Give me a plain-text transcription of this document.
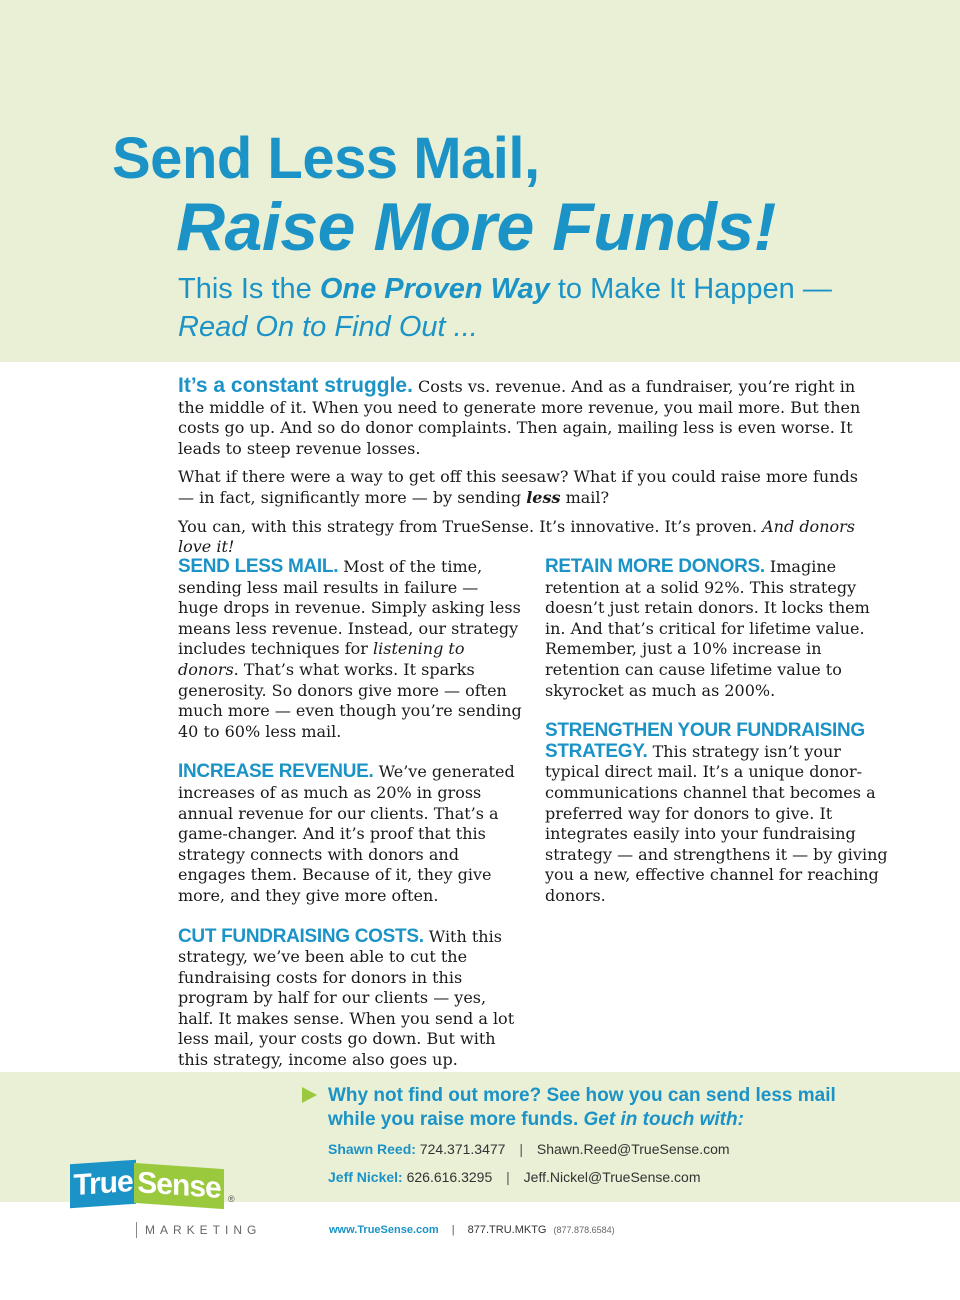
Send Less Mail,
Raise More Funds!
This Is the One Proven Way to Make It Happen —
Read On to Find Out ...

It’s a constant struggle. Costs vs. revenue. And as a fundraiser, you’re right in the middle of it. When you need to generate more revenue, you mail more. But then costs go up. And so do donor complaints. Then again, mailing less is even worse. It leads to steep revenue losses.

What if there were a way to get off this seesaw? What if you could raise more funds — in fact, significantly more — by sending less mail?

You can, with this strategy from TrueSense. It’s innovative. It’s proven. And donors love it!

SEND LESS MAIL. Most of the time, sending less mail results in failure — huge drops in revenue. Simply asking less means less revenue. Instead, our strategy includes techniques for listening to donors. That’s what works. It sparks generosity. So donors give more — often much more — even though you’re sending 40 to 60% less mail.

INCREASE REVENUE. We’ve generated increases of as much as 20% in gross annual revenue for our clients. That’s a game-changer. And it’s proof that this strategy connects with donors and engages them. Because of it, they give more, and they give more often.

CUT FUNDRAISING COSTS. With this strategy, we’ve been able to cut the fundraising costs for donors in this program by half for our clients — yes, half. It makes sense. When you send a lot less mail, your costs go down. But with this strategy, income also goes up.

RETAIN MORE DONORS. Imagine retention at a solid 92%. This strategy doesn’t just retain donors. It locks them in. And that’s critical for lifetime value. Remember, just a 10% increase in retention can cause lifetime value to skyrocket as much as 200%.

STRENGTHEN YOUR FUNDRAISING STRATEGY. This strategy isn’t your typical direct mail. It’s a unique donor-communications channel that becomes a preferred way for donors to give. It integrates easily into your fundraising strategy — and strengthens it — by giving you a new, effective channel for reaching donors.

Why not find out more? See how you can send less mail while you raise more funds. Get in touch with:
Shawn Reed: 724.371.3477 | Shawn.Reed@TrueSense.com
Jeff Nickel: 626.616.3295 | Jeff.Nickel@TrueSense.com
www.TrueSense.com | 877.TRU.MKTG (877.878.6584)
True Sense ®
MARKETING
